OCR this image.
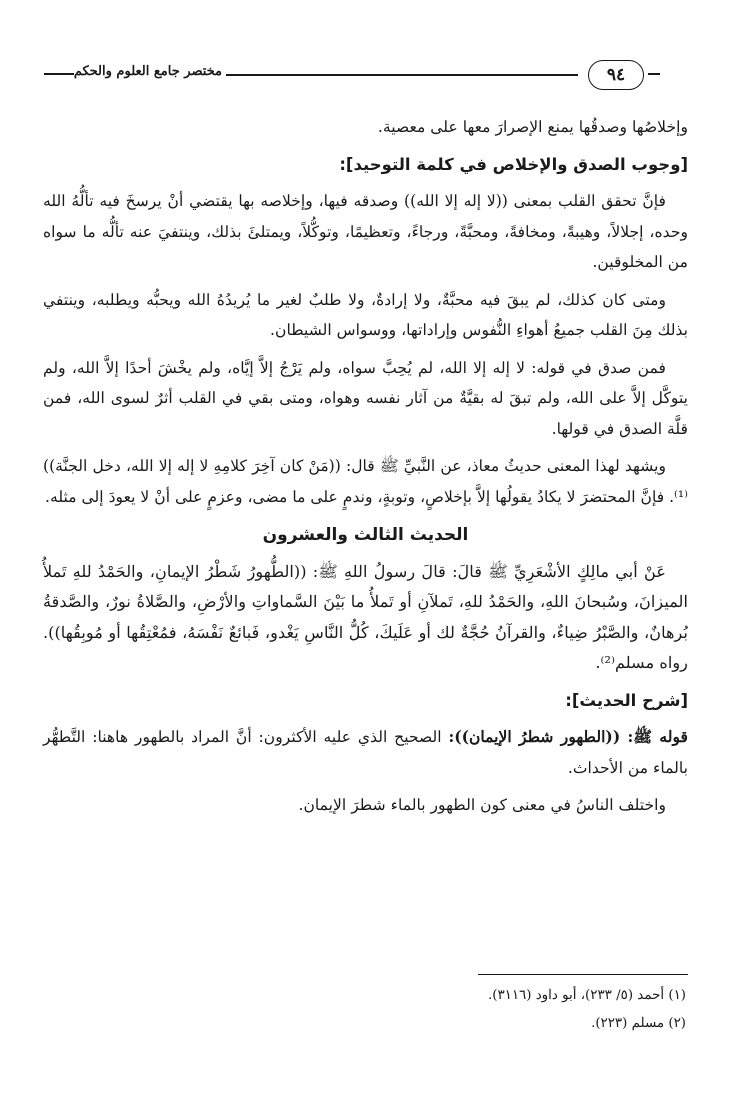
٩٤
مختصر جامع العلوم والحكم

وإخلاصُها وصدقُها يمنع الإصرارَ معها على معصية.

[وجوب الصدق والإخلاص في كلمة التوحيد]:

فإنَّ تحقق القلب بمعنى ((لا إله إلا الله)) وصدقه فيها، وإخلاصه بها يقتضي أنْ يرسخَ فيه تألُّهُ الله وحده، إجلالاً، وهيبةً، ومخافةً، ومحبَّةً، ورجاءً، وتعظيمًا، وتوكُّلاً، ويمتلئَ بذلك، وينتفيَ عنه تألُّه ما سواه من المخلوقين.

ومتى كان كذلك، لم يبقَ فيه محبَّةٌ، ولا إرادةٌ، ولا طلبٌ لغير ما يُريدُهُ الله ويحبُّه ويطلبه، وينتفي بذلك مِنَ القلب جميعُ أهواءِ النُّفوس وإراداتها، ووسواس الشيطان.

فمن صدق في قوله: لا إله إلا الله، لم يُحِبَّ سواه، ولم يَرْجُ إلاَّ إيَّاه، ولم يخْشَ أحدًا إلاَّ الله، ولم يتوكَّل إلاَّ على الله، ولم تبقَ له بقيَّةٌ من آثار نفسه وهواه، ومتى بقي في القلب أثرٌ لسوى الله، فمن قلَّة الصدق في قولها.

ويشهد لهذا المعنى حديثُ معاذ، عن النَّبيِّ ﷺ قال: ((مَنْ كان آخِرَ كلامِهِ لا إله إلا الله، دخل الجنَّة))⁽¹⁾. فإنَّ المحتضرَ لا يكادُ يقولُها إلاَّ بإخلاصٍ، وتوبةٍ، وندمٍ على ما مضى، وعزمٍ على أنْ لا يعودَ إلى مثله.

الحديث الثالث والعشرون

عَنْ أبي مالِكٍ الأشْعَرِيِّ ﷺ قالَ: قالَ رسولُ اللهِ ﷺ: ((الطُّهورُ شَطْرُ الإيمانِ، والحَمْدُ للهِ تَملأُ الميزانَ، وسُبحانَ اللهِ، والحَمْدُ للهِ، تَملآنِ أو تَملأُ ما بَيْنَ السَّماواتِ والأرْضِ، والصَّلاةُ نورٌ، والصَّدقةُ بُرهانٌ، والصَّبْرُ ضِياءٌ، والقرآنُ حُجَّةٌ لك أو عَلَيكَ، كُلُّ النَّاسِ يَغْدو، فَبائعٌ نَفْسَهُ، فمُعْتِقُها أو مُوبِقُها)). رواه مسلم⁽²⁾.

[شرح الحديث]:

قوله ﷺ: ((الطهور شطرُ الإيمان)): الصحيح الذي عليه الأكثرون: أنَّ المراد بالطهور هاهنا: التَّطهُّر بالماء من الأحداث.

واختلف الناسُ في معنى كون الطهور بالماء شطرَ الإيمان.

(١) أحمد (٥/ ٢٣٣)، أبو داود (٣١١٦).

(٢) مسلم (٢٢٣).
